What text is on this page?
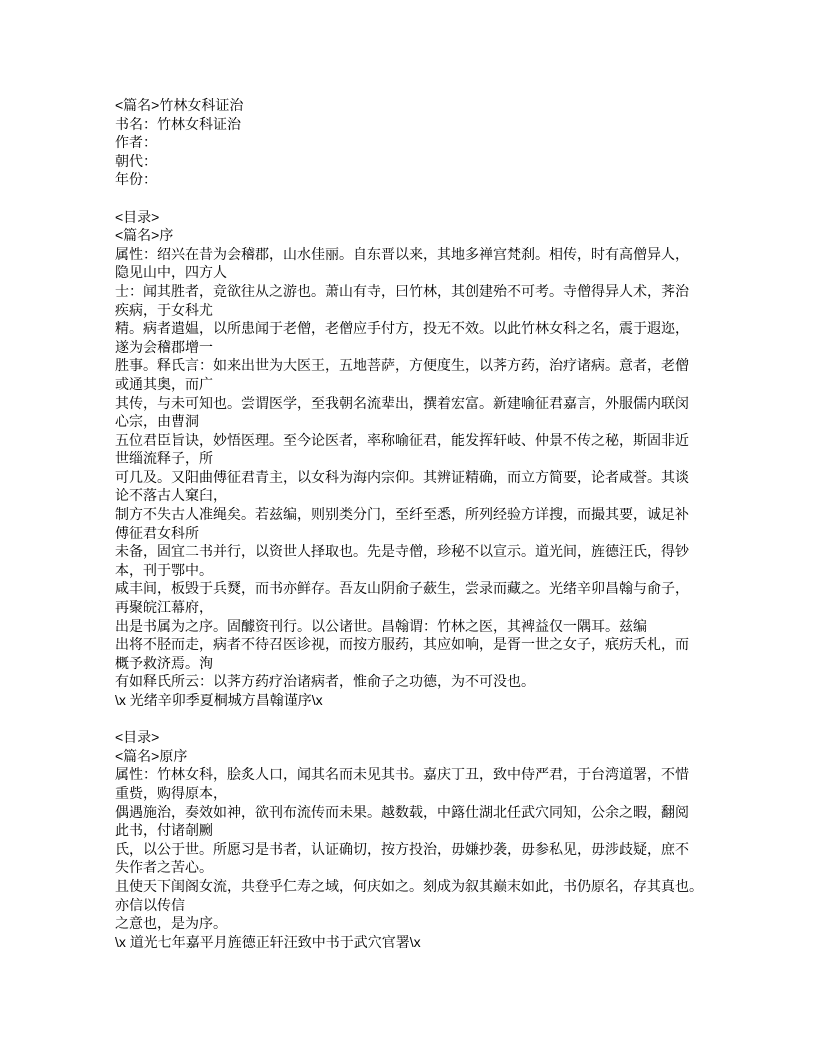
<篇名>竹林女科证治
书名：竹林女科证治
作者：
朝代：
年份：
<目录>
<篇名>序
属性：绍兴在昔为会稽郡，山水佳丽。自东晋以来，其地多禅宫梵刹。相传，时有高僧异人，
隐见山中，四方人
士：闻其胜者，竞欲往从之游也。萧山有寺，曰竹林，其创建殆不可考。寺僧得异人术，荠治
疾病，于女科尤
精。病者遣媪，以所患闻于老僧，老僧应手付方，投无不效。以此竹林女科之名，震于遐迩，
遂为会稽郡增一
胜事。释氏言：如来出世为大医王，五地菩萨，方便度生，以荠方药，治疗诸病。意者，老僧
或通其奥，而广
其传，与未可知也。尝谓医学，至我朝名流辈出，撰着宏富。新建喻征君嘉言，外服儒内联闵
心宗，由曹洞
五位君臣旨诀，妙悟医理。至今论医者，率称喻征君，能发挥轩岐、仲景不传之秘，斯固非近
世缁流释子，所
可几及。又阳曲傅征君青主，以女科为海内宗仰。其辨证精确，而立方简要，论者咸誉。其谈
论不落古人窠臼，
制方不失古人准绳矣。若兹编，则别类分门，至纤至悉，所列经验方详搜，而撮其要，诚足补
傅征君女科所
未备，固宜二书并行，以资世人择取也。先是寺僧，珍秘不以宣示。道光间，旌德汪氏，得钞
本，刊于鄂中。
咸丰间，板毁于兵燹，而书亦鲜存。吾友山阴俞子蘝生，尝录而藏之。光绪辛卯昌翰与俞子，
再聚皖江幕府，
出是书属为之序。固醵资刊行。以公诸世。昌翰谓：竹林之医，其裨益仅一隅耳。兹编
出将不胫而走，病者不待召医诊视，而按方服药，其应如响，是胥一世之女子，疧疠夭札，而
概予救济焉。洵
有如释氏所云：以荠方药疗治诸病者，惟俞子之功德，为不可没也。
\x 光绪辛卯季夏桐城方昌翰谨序\x
<目录>
<篇名>原序
属性：竹林女科，脍炙人口，闻其名而未见其书。嘉庆丁丑，致中侍严君，于台湾道署，不惜
重赀，购得原本，
偶遇施治，奏效如神，欲刊布流传而未果。越数载，中簬仕湖北任武穴同知，公余之暇，翻阅
此书，付诸剞劂
氏，以公于世。所愿习是书者，认证确切，按方投治，毋嫌抄袭，毋参私见，毋涉歧疑，庶不
失作者之苦心。
且使天下闺阁女流，共登乎仁寿之域，何庆如之。刻成为叙其巅末如此，书仍原名，存其真也。
亦信以传信
之意也，是为序。
\x 道光七年嘉平月旌德正轩汪致中书于武穴官署\x
